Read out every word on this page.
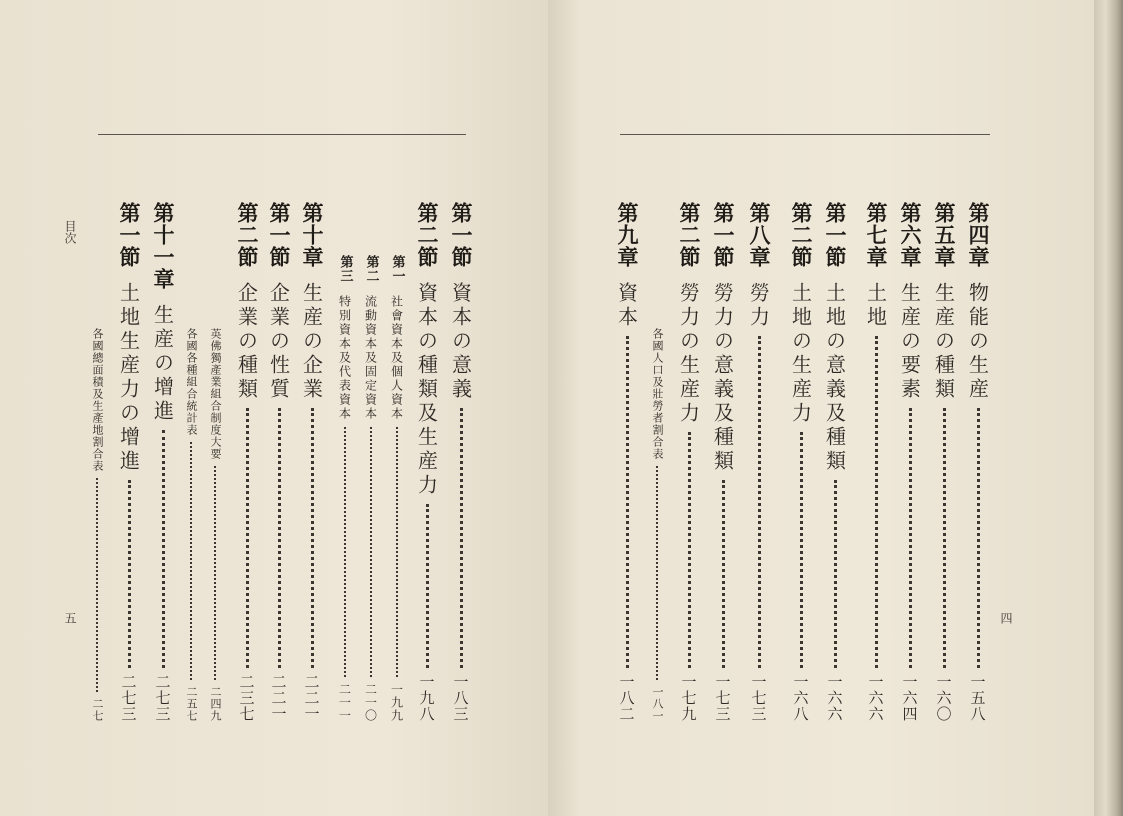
目次
五
第一節
資本の意義
一八三
第二節
資本の種類及生産力
一九八
第一
社會資本及個人資本
一九九
第二
流動資本及固定資本
二一〇
第三
特別資本及代表資本
二一一
第十章
生産の企業
二二一
第一節
企業の性質
二二一
第二節
企業の種類
二三七
英佛獨產業組合制度大要
二四九
各國各種組合統計表
二五七
第十一章
生産の增進
二七三
第一節
土地生産力の增進
二七三
各國總面積及生產地割合表
二七
四
第四章
物能の生産
一五八
第五章
生産の種類
一六〇
第六章
生産の要素
一六四
第七章
土地
一六六
第一節
土地の意義及種類
一六六
第二節
土地の生産力
一六八
第八章
勞力
一七三
第一節
勞力の意義及種類
一七三
第二節
勞力の生産力
一七九
各國人口及壯勞者割合表
一八一
第九章
資本
一八二
